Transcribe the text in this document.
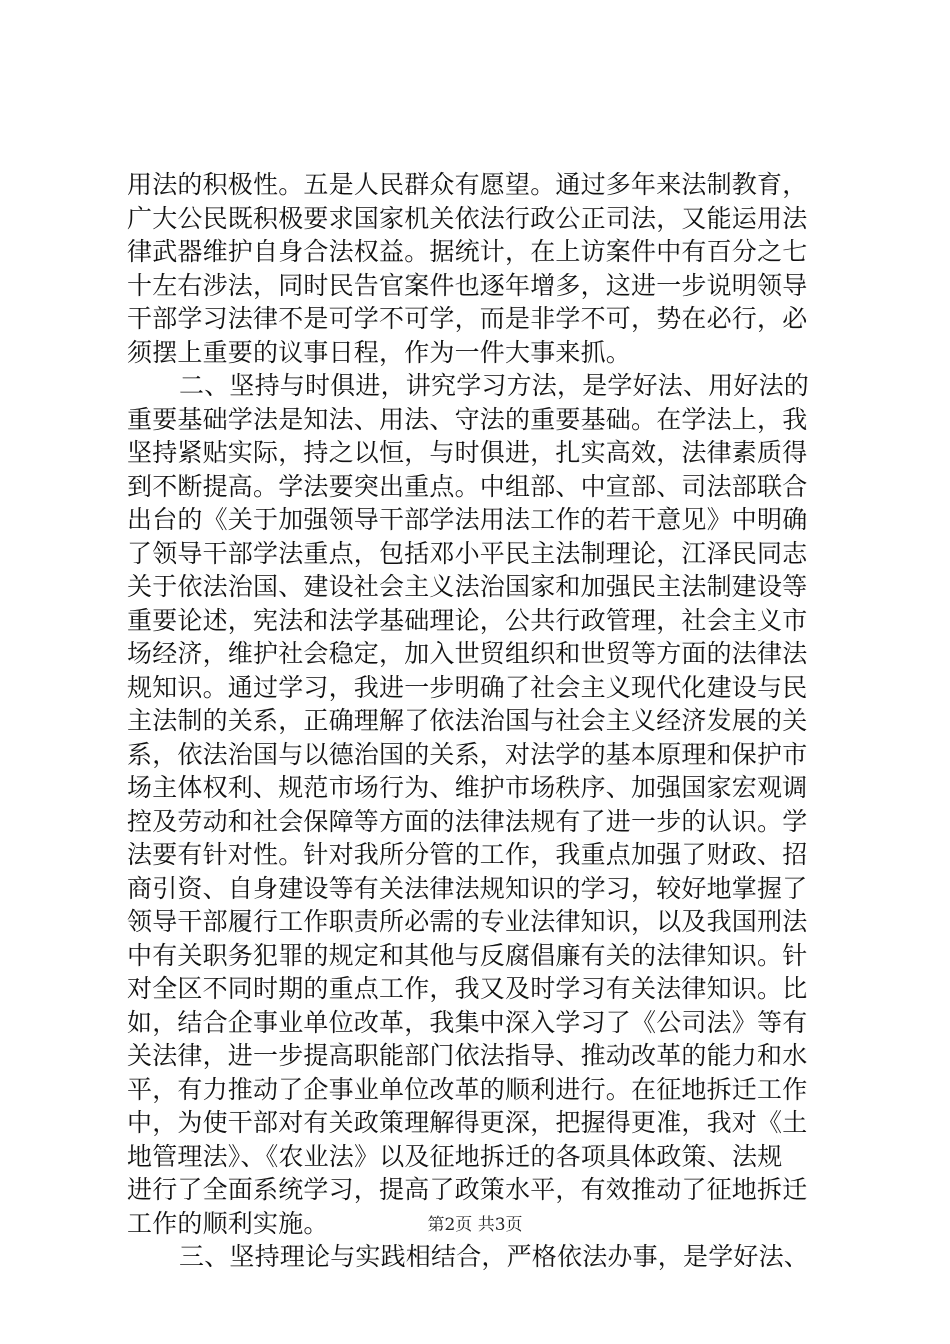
用法的积极性。五是人民群众有愿望。通过多年来法制教育，
广大公民既积极要求国家机关依法行政公正司法，又能运用法
律武器维护自身合法权益。据统计，在上访案件中有百分之七
十左右涉法，同时民告官案件也逐年增多，这进一步说明领导
干部学习法律不是可学不可学，而是非学不可，势在必行，必
须摆上重要的议事日程，作为一件大事来抓。
二、坚持与时俱进，讲究学习方法，是学好法、用好法的
重要基础学法是知法、用法、守法的重要基础。在学法上，我
坚持紧贴实际，持之以恒，与时俱进，扎实高效，法律素质得
到不断提高。学法要突出重点。中组部、中宣部、司法部联合
出台的《关于加强领导干部学法用法工作的若干意见》中明确
了领导干部学法重点，包括邓小平民主法制理论，江泽民同志
关于依法治国、建设社会主义法治国家和加强民主法制建设等
重要论述，宪法和法学基础理论，公共行政管理，社会主义市
场经济，维护社会稳定，加入世贸组织和世贸等方面的法律法
规知识。通过学习，我进一步明确了社会主义现代化建设与民
主法制的关系，正确理解了依法治国与社会主义经济发展的关
系，依法治国与以德治国的关系，对法学的基本原理和保护市
场主体权利、规范市场行为、维护市场秩序、加强国家宏观调
控及劳动和社会保障等方面的法律法规有了进一步的认识。学
法要有针对性。针对我所分管的工作，我重点加强了财政、招
商引资、自身建设等有关法律法规知识的学习，较好地掌握了
领导干部履行工作职责所必需的专业法律知识，以及我国刑法
中有关职务犯罪的规定和其他与反腐倡廉有关的法律知识。针
对全区不同时期的重点工作，我又及时学习有关法律知识。比
如，结合企事业单位改革，我集中深入学习了《公司法》等有
关法律，进一步提高职能部门依法指导、推动改革的能力和水
平，有力推动了企事业单位改革的顺利进行。在征地拆迁工作
中，为使干部对有关政策理解得更深，把握得更准，我对《土
地管理法》、《农业法》以及征地拆迁的各项具体政策、法规
进行了全面系统学习，提高了政策水平，有效推动了征地拆迁
工作的顺利实施。
三、坚持理论与实践相结合，严格依法办事，是学好法、
第2页 共3页
